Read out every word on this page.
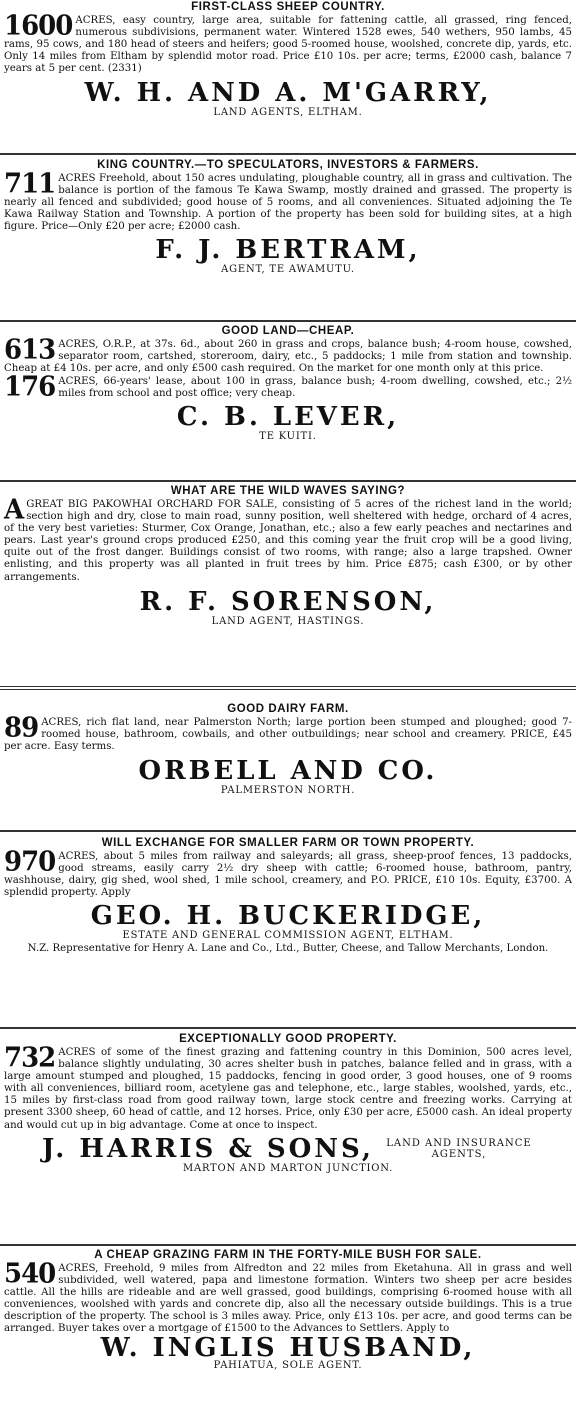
FIRST-CLASS SHEEP COUNTRY.
1600 ACRES, easy country, large area, suitable for fattening cattle, all grassed, ring fenced, numerous subdivisions, permanent water. Wintered 1528 ewes, 540 wethers, 950 lambs, 45 rams, 95 cows, and 180 head of steers and heifers; good 5-roomed house, woolshed, concrete dip, yards, etc. Only 14 miles from Eltham by splendid motor road. Price £10 10s. per acre; terms, £2000 cash, balance 7 years at 5 per cent. (2331)
W. H. AND A. M'GARRY,
LAND AGENTS, ELTHAM.
KING COUNTRY.—TO SPECULATORS, INVESTORS & FARMERS.
711 ACRES Freehold, about 150 acres undulating, ploughable country, all in grass and cultivation. The balance is portion of the famous Te Kawa Swamp, mostly drained and grassed. The property is nearly all fenced and subdivided; good house of 5 rooms, and all conveniences. Situated adjoining the Te Kawa Railway Station and Township. A portion of the property has been sold for building sites, at a high figure. Price—Only £20 per acre; £2000 cash.
F. J. BERTRAM,
AGENT, TE AWAMUTU.
GOOD LAND—CHEAP.
613 ACRES, O.R.P., at 37s. 6d., about 260 in grass and crops, balance bush; 4-room house, cowshed, separator room, cartshed, storeroom, dairy, etc., 5 paddocks; 1 mile from station and township. Cheap at £4 10s. per acre, and only £500 cash required. On the market for one month only at this price.
176 ACRES, 66-years' lease, about 100 in grass, balance bush; 4-room dwelling, cowshed, etc.; 2½ miles from school and post office; very cheap.
C. B. LEVER,
TE KUITI.
WHAT ARE THE WILD WAVES SAYING?
A GREAT BIG PAKOWHAI ORCHARD FOR SALE, consisting of 5 acres of the richest land in the world; section high and dry, close to main road, sunny position, well sheltered with hedge, orchard of 4 acres, of the very best varieties: Sturmer, Cox Orange, Jonathan, etc.; also a few early peaches and nectarines and pears. Last year's ground crops produced £250, and this coming year the fruit crop will be a good living, quite out of the frost danger. Buildings consist of two rooms, with range; also a large trapshed. Owner enlisting, and this property was all planted in fruit trees by him. Price £875; cash £300, or by other arrangements.
R. F. SORENSON,
LAND AGENT, HASTINGS.
GOOD DAIRY FARM.
89 ACRES, rich flat land, near Palmerston North; large portion been stumped and ploughed; good 7-roomed house, bathroom, cowbails, and other outbuildings; near school and creamery. PRICE, £45 per acre. Easy terms.
ORBELL AND CO.
PALMERSTON NORTH.
WILL EXCHANGE FOR SMALLER FARM OR TOWN PROPERTY.
970 ACRES, about 5 miles from railway and saleyards; all grass, sheep-proof fences, 13 paddocks, good streams, easily carry 2½ dry sheep with cattle; 6-roomed house, bathroom, pantry, washhouse, dairy, gig shed, wool shed, 1 mile school, creamery, and P.O. PRICE, £10 10s. Equity, £3700. A splendid property. Apply
GEO. H. BUCKERIDGE,
ESTATE AND GENERAL COMMISSION AGENT, ELTHAM.
N.Z. Representative for Henry A. Lane and Co., Ltd., Butter, Cheese, and Tallow Merchants, London.
EXCEPTIONALLY GOOD PROPERTY.
732 ACRES of some of the finest grazing and fattening country in this Dominion, 500 acres level, balance slightly undulating, 30 acres shelter bush in patches, balance felled and in grass, with a large amount stumped and ploughed, 15 paddocks, fencing in good order, 3 good houses, one of 9 rooms with all conveniences, billiard room, acetylene gas and telephone, etc., large stables, woolshed, yards, etc., 15 miles by first-class road from good railway town, large stock centre and freezing works. Carrying at present 3300 sheep, 60 head of cattle, and 12 horses. Price, only £30 per acre, £5000 cash. An ideal property and would cut up in big advantage. Come at once to inspect.
J. HARRIS & SONS, LAND AND INSURANCE AGENTS,
MARTON AND MARTON JUNCTION.
A CHEAP GRAZING FARM IN THE FORTY-MILE BUSH FOR SALE.
540 ACRES, Freehold, 9 miles from Alfredton and 22 miles from Eketahuna. All in grass and well subdivided, well watered, papa and limestone formation. Winters two sheep per acre besides cattle. All the hills are rideable and are well grassed, good buildings, comprising 6-roomed house with all conveniences, woolshed with yards and concrete dip, also all the necessary outside buildings. This is a true description of the property. The school is 3 miles away. Price, only £13 10s. per acre, and good terms can be arranged. Buyer takes over a mortgage of £1500 to the Advances to Settlers. Apply to
W. INGLIS HUSBAND,
PAHIATUA, SOLE AGENT.
